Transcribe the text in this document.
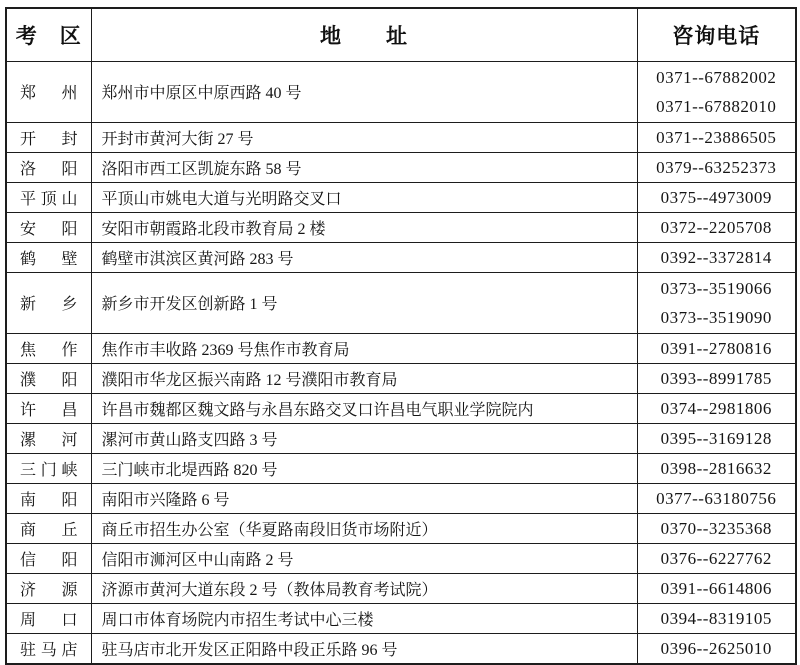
考　区	地　　址	咨询电话
郑州	郑州市中原区中原西路 40 号	0371--67882002
0371--67882010

开封	开封市黄河大街 27 号	0371--23886505

洛阳	洛阳市西工区凯旋东路 58 号	0379--63252373

平顶山	平顶山市姚电大道与光明路交叉口	0375--4973009

安阳	安阳市朝霞路北段市教育局 2 楼	0372--2205708

鹤壁	鹤壁市淇滨区黄河路 283 号	0392--3372814

新乡	新乡市开发区创新路 1 号	0373--3519066
0373--3519090

焦作	焦作市丰收路 2369 号焦作市教育局	0391--2780816

濮阳	濮阳市华龙区振兴南路 12 号濮阳市教育局	0393--8991785

许昌	许昌市魏都区魏文路与永昌东路交叉口许昌电气职业学院院内	0374--2981806

漯河	漯河市黄山路支四路 3 号	0395--3169128

三门峡	三门峡市北堤西路 820 号	0398--2816632

南阳	南阳市兴隆路 6 号	0377--63180756

商丘	商丘市招生办公室（华夏路南段旧货市场附近）	0370--3235368

信阳	信阳市浉河区中山南路 2 号	0376--6227762

济源	济源市黄河大道东段 2 号（教体局教育考试院）	0391--6614806

周口	周口市体育场院内市招生考试中心三楼	0394--8319105

驻马店	驻马店市北开发区正阳路中段正乐路 96 号	0396--2625010
